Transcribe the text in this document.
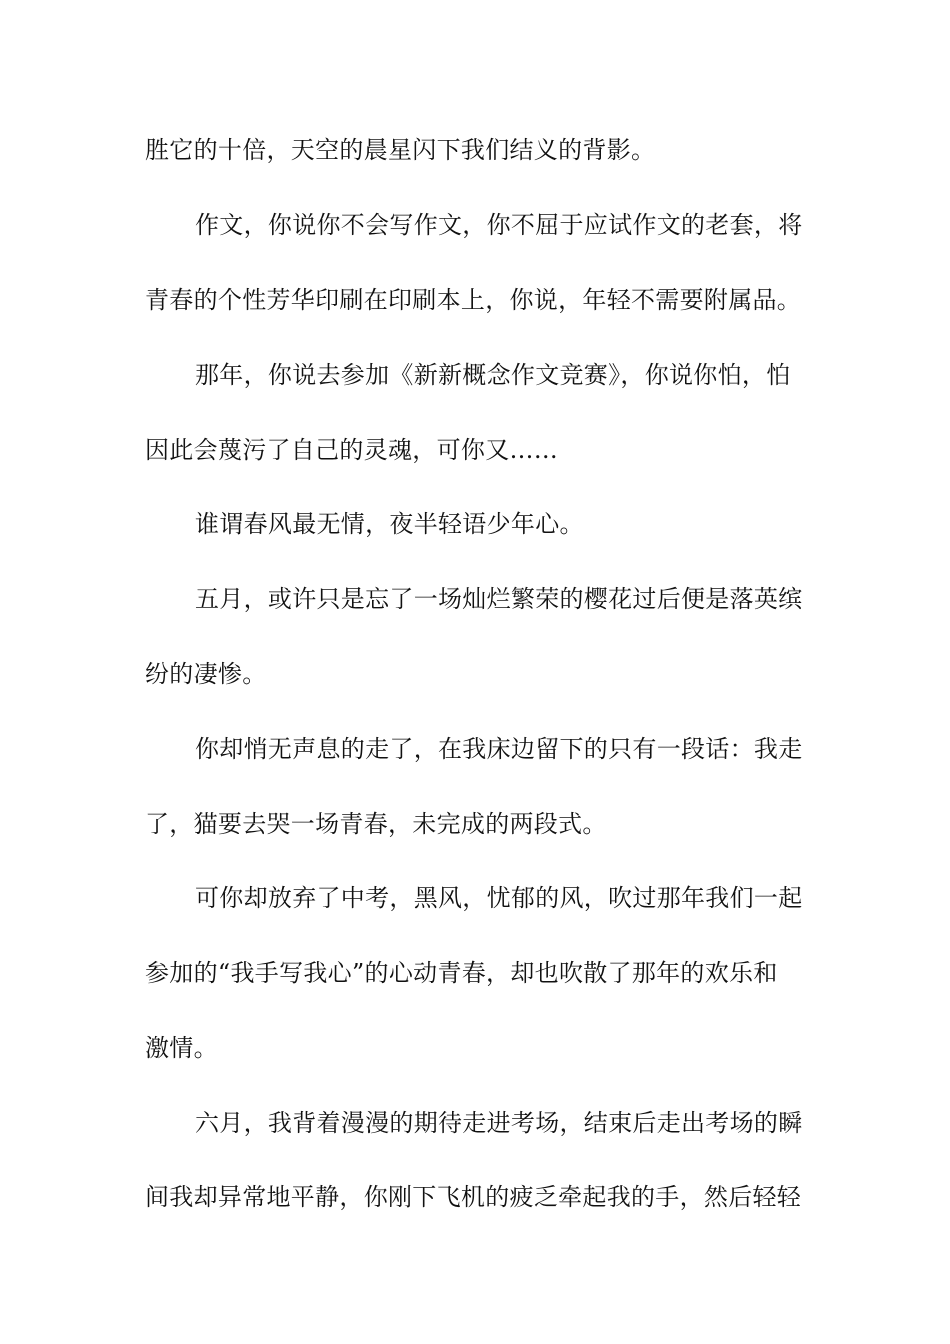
胜它的十倍，天空的晨星闪下我们结义的背影。
作文，你说你不会写作文，你不屈于应试作文的老套，将
青春的个性芳华印刷在印刷本上，你说，年轻不需要附属品。
那年，你说去参加《新新概念作文竞赛》，你说你怕，怕
因此会蔑污了自己的灵魂，可你又……
谁谓春风最无情，夜半轻语少年心。
五月，或许只是忘了一场灿烂繁荣的樱花过后便是落英缤
纷的凄惨。
你却悄无声息的走了，在我床边留下的只有一段话：我走
了，猫要去哭一场青春，未完成的两段式。
可你却放弃了中考，黑风，忧郁的风，吹过那年我们一起
参加的“我手写我心”的心动青春，却也吹散了那年的欢乐和
激情。
六月，我背着漫漫的期待走进考场，结束后走出考场的瞬
间我却异常地平静，你刚下飞机的疲乏牵起我的手，然后轻轻
